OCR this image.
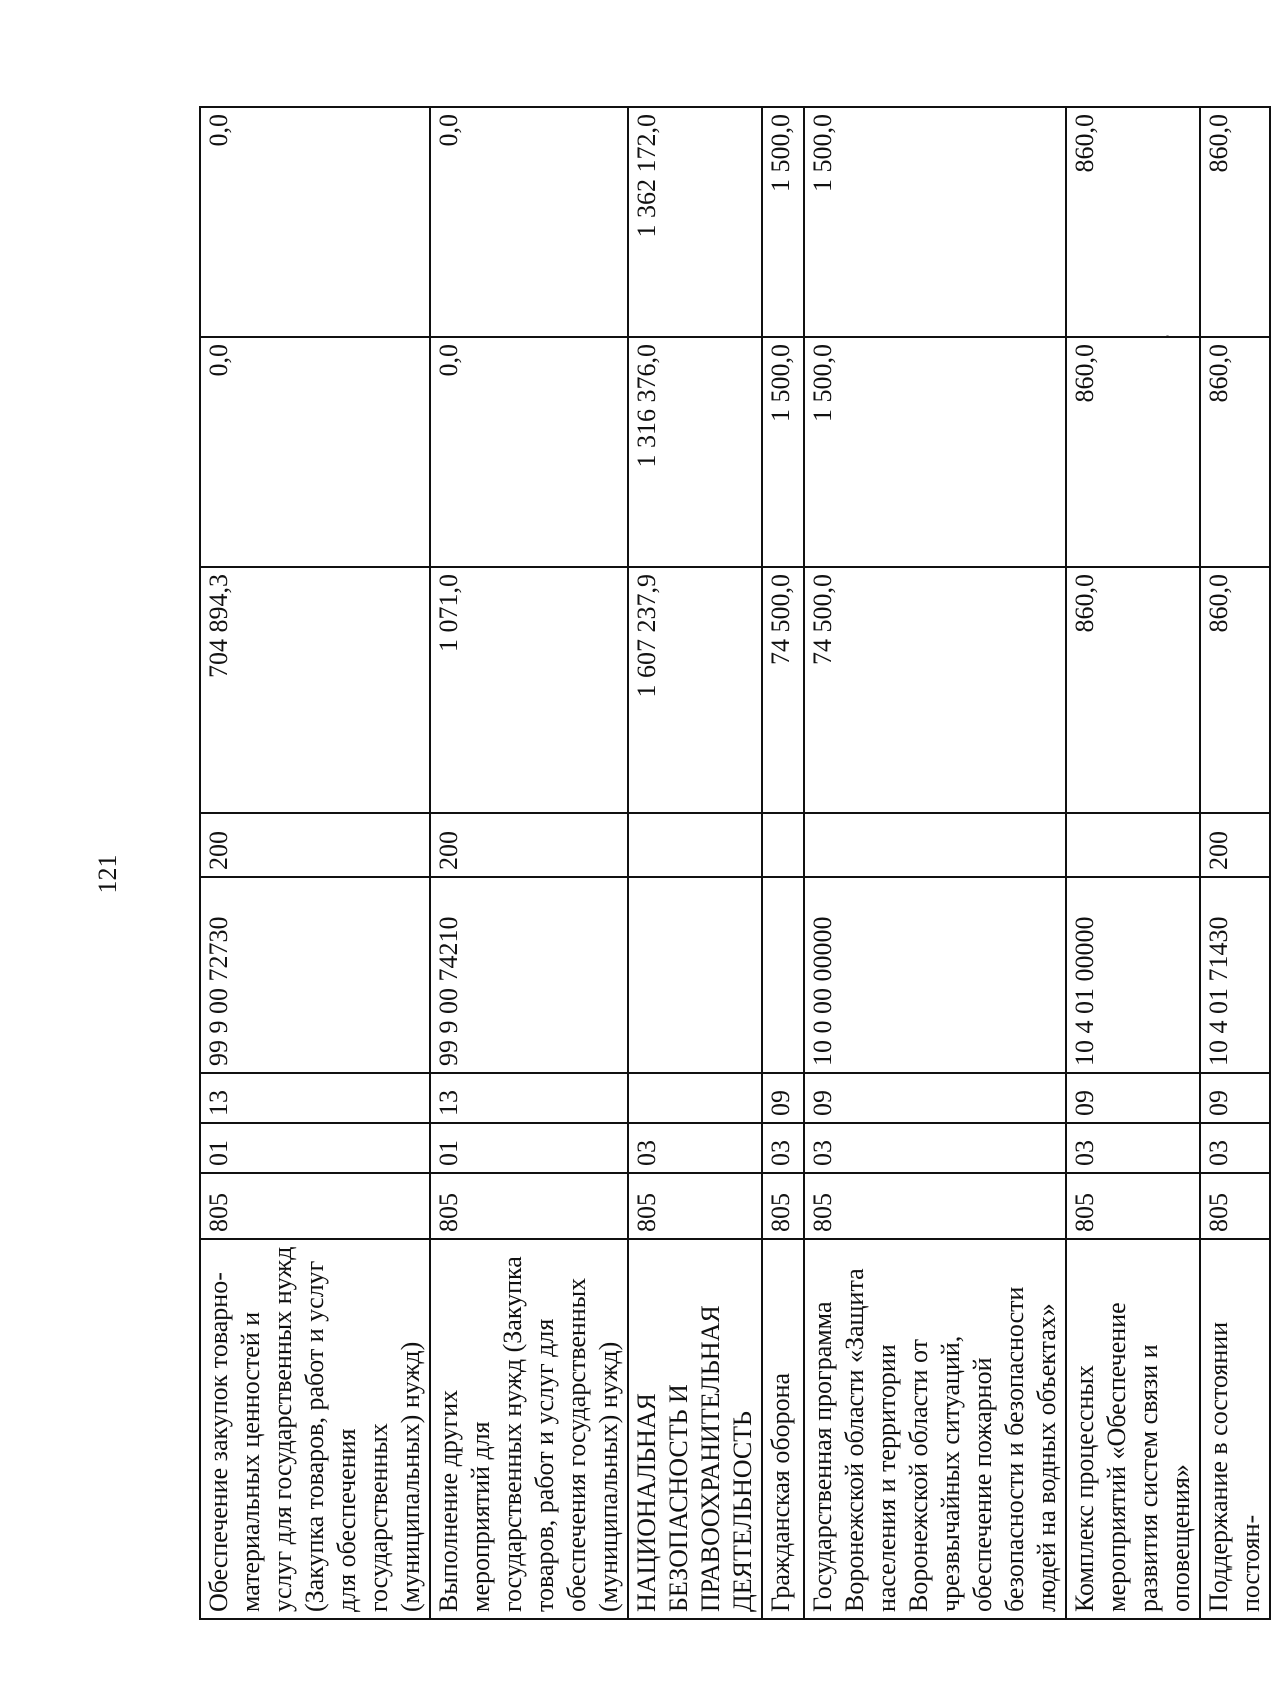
121
Обеспечение закупок товарно-материальных ценностей и услуг для государственных нужд (Закупка товаров, работ и услуг для обеспечения государственных (муниципальных) нужд)	805	01	13	99 9 00 72730	200	704 894,3	0,0	0,0
Выполнение других мероприятий для государственных нужд (Закупка товаров, работ и услуг для обеспечения государственных (муниципальных) нужд)	805	01	13	99 9 00 74210	200	1 071,0	0,0	0,0
НАЦИОНАЛЬНАЯ БЕЗОПАСНОСТЬ И ПРАВООХРАНИТЕЛЬНАЯ ДЕЯТЕЛЬНОСТЬ	805	03				1 607 237,9	1 316 376,0	1 362 172,0
Гражданская оборона	805	03	09			74 500,0	1 500,0	1 500,0
Государственная программа Воронежской области «Защита населения и территории Воронежской области от чрезвычайных ситуаций, обеспечение пожарной безопасности и безопасности людей на водных объектах»	805	03	09	10 0 00 00000		74 500,0	1 500,0	1 500,0
Комплекс процессных мероприятий «Обеспечение развития систем связи и оповещения»	805	03	09	10 4 01 00000		860,0	860,0	860,0
Поддержание в состоянии постоян-	805	03	09	10 4 01 71430	200	860,0	860,0	860,0
